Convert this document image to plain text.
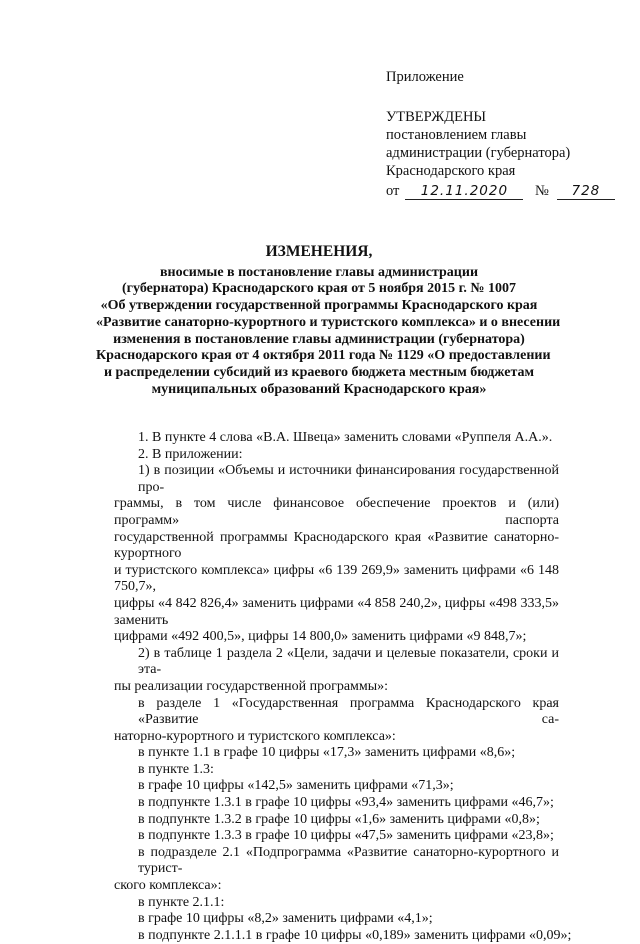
Приложение
УТВЕРЖДЕНЫ
постановлением главы
администрации (губернатора)
Краснодарского края
от 12.11.2020 № 728
ИЗМЕНЕНИЯ,
вносимые в постановление главы администрации
(губернатора) Краснодарского края от 5 ноября 2015 г. № 1007
«Об утверждении государственной программы Краснодарского края
«Развитие санаторно-курортного и туристского комплекса» и о внесении
изменения в постановление главы администрации (губернатора)
Краснодарского края от 4 октября 2011 года № 1129 «О предоставлении
и распределении субсидий из краевого бюджета местным бюджетам
муниципальных образований Краснодарского края»
1. В пункте 4 слова «В.А. Швеца» заменить словами «Руппеля А.А.».
2. В приложении:
1) в позиции «Объемы и источники финансирования государственной про-
граммы, в том числе финансовое обеспечение проектов и (или) программ» паспорта
государственной программы Краснодарского края «Развитие санаторно-курортного
и туристского комплекса» цифры «6 139 269,9» заменить цифрами «6 148 750,7»,
цифры «4 842 826,4» заменить цифрами «4 858 240,2», цифры «498 333,5» заменить
цифрами «492 400,5», цифры 14 800,0» заменить цифрами «9 848,7»;
2) в таблице 1 раздела 2 «Цели, задачи и целевые показатели, сроки и эта-
пы реализации государственной программы»:
в разделе 1 «Государственная программа Краснодарского края «Развитие са-
наторно-курортного и туристского комплекса»:
в пункте 1.1 в графе 10 цифры «17,3» заменить цифрами «8,6»;
в пункте 1.3:
в графе 10 цифры «142,5» заменить цифрами «71,3»;
в подпункте 1.3.1 в графе 10 цифры «93,4» заменить цифрами «46,7»;
в подпункте 1.3.2 в графе 10 цифры «1,6» заменить цифрами «0,8»;
в подпункте 1.3.3 в графе 10 цифры «47,5» заменить цифрами «23,8»;
в подразделе 2.1 «Подпрограмма «Развитие санаторно-курортного и турист-
ского комплекса»:
в пункте 2.1.1:
в графе 10 цифры «8,2» заменить цифрами «4,1»;
в подпункте 2.1.1.1 в графе 10 цифры «0,189» заменить цифрами «0,09»;
